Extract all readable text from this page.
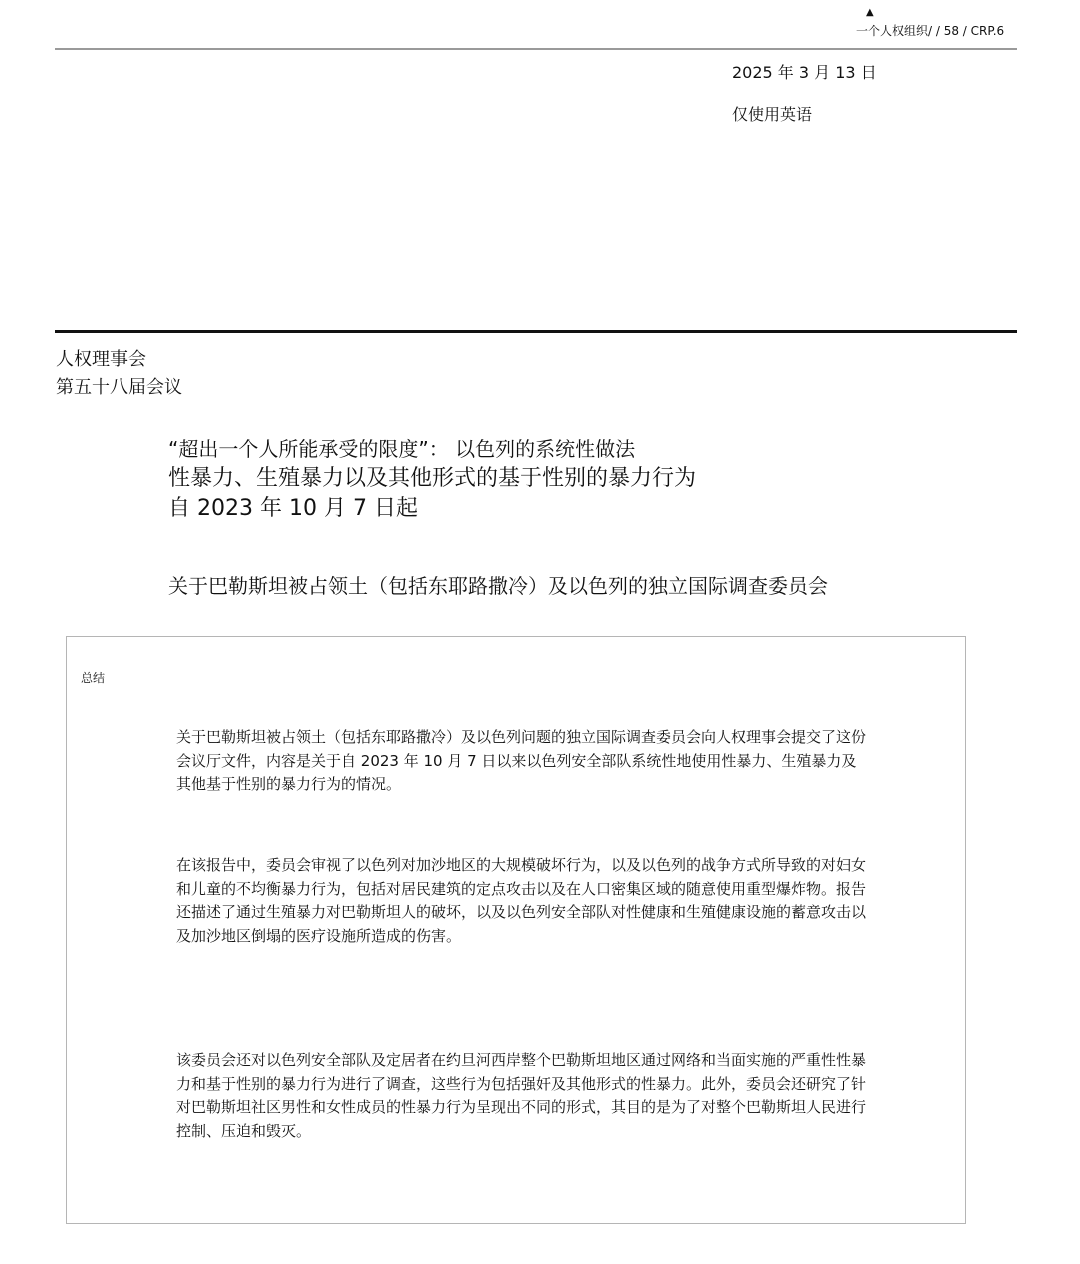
▲
一个人权组织/ / 58 / CRP.6
2025 年 3 月 13 日
仅使用英语
人权理事会
第五十八届会议
“超出一个人所能承受的限度”： 以色列的系统性做法
性暴力、生殖暴力以及其他形式的基于性别的暴力行为
自 2023 年 10 月 7 日起
关于巴勒斯坦被占领土（包括东耶路撒冷）及以色列的独立国际调查委员会
总结
关于巴勒斯坦被占领土（包括东耶路撒冷）及以色列问题的独立国际调查委员会向人权理事会提交了这份会议厅文件，内容是关于自 2023 年 10 月 7 日以来以色列安全部队系统性地使用性暴力、生殖暴力及其他基于性别的暴力行为的情况。
在该报告中，委员会审视了以色列对加沙地区的大规模破坏行为，以及以色列的战争方式所导致的对妇女和儿童的不均衡暴力行为，包括对居民建筑的定点攻击以及在人口密集区域的随意使用重型爆炸物。报告还描述了通过生殖暴力对巴勒斯坦人的破坏，以及以色列安全部队对性健康和生殖健康设施的蓄意攻击以及加沙地区倒塌的医疗设施所造成的伤害。
该委员会还对以色列安全部队及定居者在约旦河西岸整个巴勒斯坦地区通过网络和当面实施的严重性性暴力和基于性别的暴力行为进行了调查，这些行为包括强奸及其他形式的性暴力。此外，委员会还研究了针对巴勒斯坦社区男性和女性成员的性暴力行为呈现出不同的形式，其目的是为了对整个巴勒斯坦人民进行控制、压迫和毁灭。
